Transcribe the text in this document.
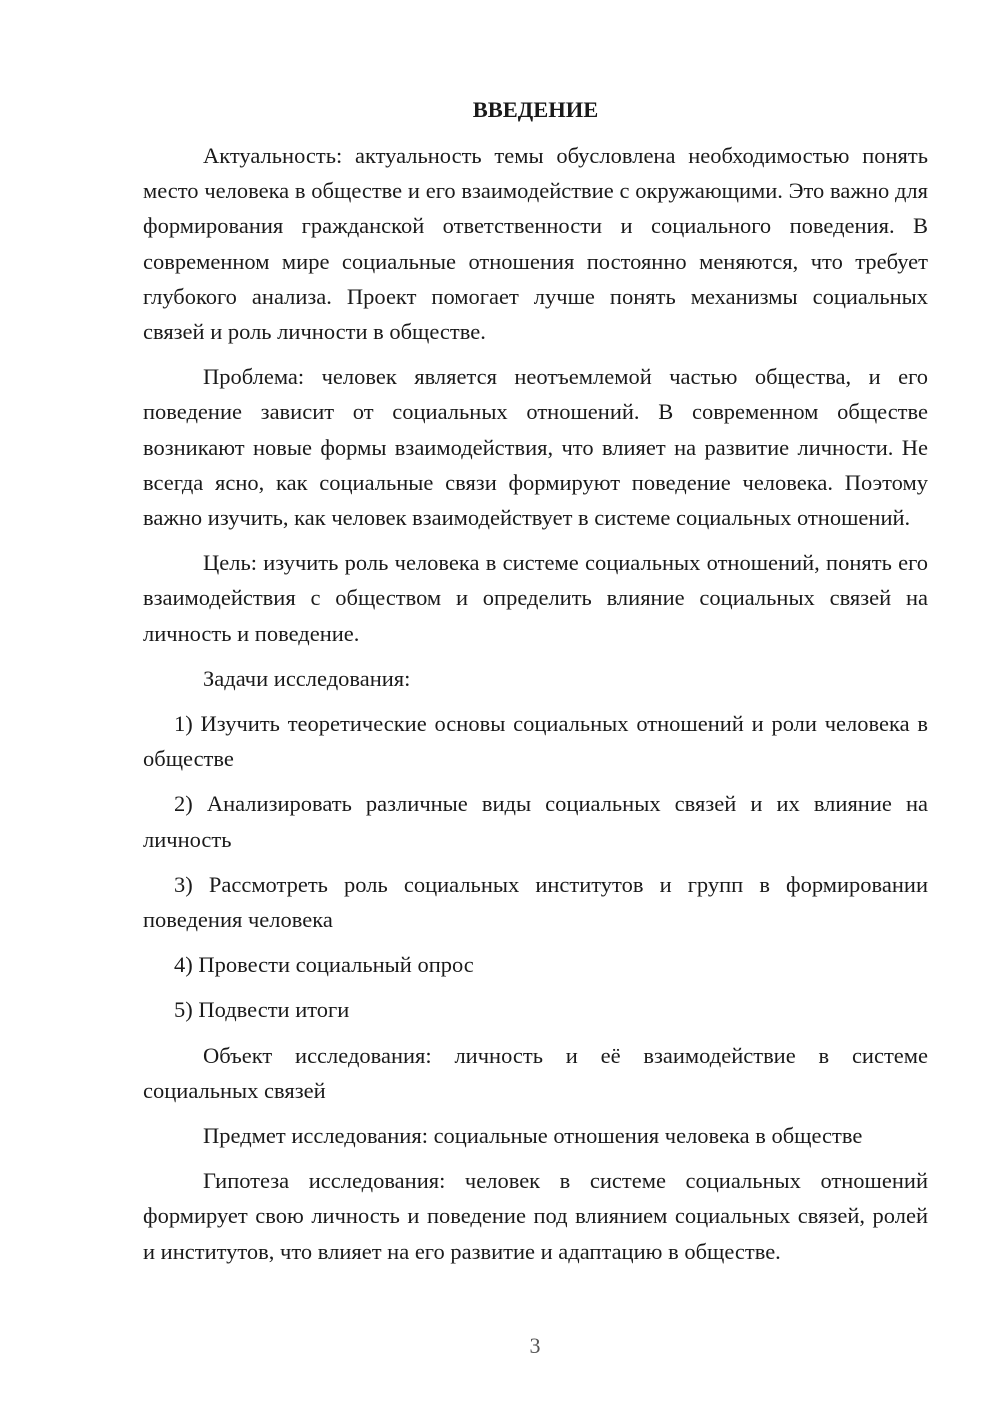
ВВЕДЕНИЕ

Актуальность: актуальность темы обусловлена необходимостью понять место человека в обществе и его взаимодействие с окружающими. Это важно для формирования гражданской ответственности и социального поведения. В современном мире социальные отношения постоянно меняются, что требует глубокого анализа. Проект помогает лучше понять механизмы социальных связей и роль личности в обществе.

Проблема: человек является неотъемлемой частью общества, и его поведение зависит от социальных отношений. В современном обществе возникают новые формы взаимодействия, что влияет на развитие личности. Не всегда ясно, как социальные связи формируют поведение человека. Поэтому важно изучить, как человек взаимодействует в системе социальных отношений.

Цель: изучить роль человека в системе социальных отношений, понять его взаимодействия с обществом и определить влияние социальных связей на личность и поведение.

Задачи исследования:

1) Изучить теоретические основы социальных отношений и роли человека в обществе

2) Анализировать различные виды социальных связей и их влияние на личность

3) Рассмотреть роль социальных институтов и групп в формировании поведения человека

4) Провести социальный опрос

5) Подвести итоги

Объект исследования: личность и её взаимодействие в системе социальных связей

Предмет исследования: социальные отношения человека в обществе

Гипотеза исследования: человек в системе социальных отношений формирует свою личность и поведение под влиянием социальных связей, ролей и институтов, что влияет на его развитие и адаптацию в обществе.

3
